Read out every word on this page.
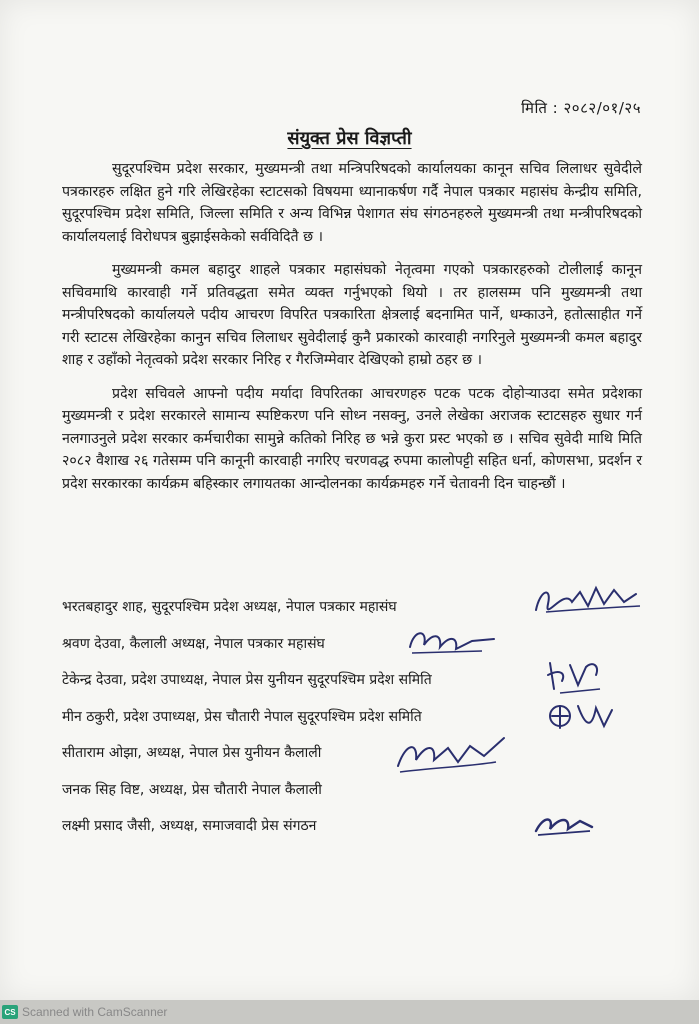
मिति : २०८२/०१/२५
संयुक्त प्रेस विज्ञप्ती

सुदूरपश्चिम प्रदेश सरकार, मुख्यमन्त्री तथा मन्त्रिपरिषदको कार्यालयका कानून सचिव लिलाधर सुवेदीले पत्रकारहरु लक्षित हुने गरि लेखिरहेका स्टाटसको विषयमा ध्यानाकर्षण गर्दै नेपाल पत्रकार महासंघ केन्द्रीय समिति, सुदूरपश्चिम प्रदेश समिति, जिल्ला समिति र अन्य विभिन्न पेशागत संघ संगठनहरुले मुख्यमन्त्री तथा मन्त्रीपरिषदको कार्यालयलाई विरोधपत्र बुझाईसकेको सर्वविदितै छ ।

मुख्यमन्त्री कमल बहादुर शाहले पत्रकार महासंघको नेतृत्वमा गएको पत्रकारहरुको टोलीलाई कानून सचिवमाथि कारवाही गर्ने प्रतिवद्धता समेत व्यक्त गर्नुभएको थियो । तर हालसम्म पनि मुख्यमन्त्री तथा मन्त्रीपरिषदको कार्यालयले पदीय आचरण विपरित पत्रकारिता क्षेत्रलाई बदनामित पार्ने, धम्काउने, हतोत्साहीत गर्ने गरी स्टाटस लेखिरहेका कानुन सचिव लिलाधर सुवेदीलाई कुनै प्रकारको कारवाही नगरिनुले मुख्यमन्त्री कमल बहादुर शाह र उहाँको नेतृत्वको प्रदेश सरकार निरिह र गैरजिम्मेवार देखिएको हाम्रो ठहर छ ।

प्रदेश सचिवले आफ्नो पदीय मर्यादा विपरितका आचरणहरु पटक पटक दोहोऱ्याउदा समेत प्रदेशका मुख्यमन्त्री र प्रदेश सरकारले सामान्य स्पष्टिकरण पनि सोध्न नसक्नु, उनले लेखेका अराजक स्टाटसहरु सुधार गर्न नलगाउनुले प्रदेश सरकार कर्मचारीका सामुन्ने कतिको निरिह छ भन्ने कुरा प्रस्ट भएको छ । सचिव सुवेदी माथि मिति २०८२ वैशाख २६ गतेसम्म पनि कानूनी कारवाही नगरिए चरणवद्ध रुपमा कालोपट्टी सहित धर्ना, कोणसभा, प्रदर्शन र प्रदेश सरकारका कार्यक्रम बहिस्कार लगायतका आन्दोलनका कार्यक्रमहरु गर्ने चेतावनी दिन चाहन्छौं ।

भरतबहादुर शाह, सुदूरपश्चिम प्रदेश अध्यक्ष, नेपाल पत्रकार महासंघ
श्रवण देउवा, कैलाली अध्यक्ष, नेपाल पत्रकार महासंघ
टेकेन्द्र देउवा, प्रदेश उपाध्यक्ष, नेपाल प्रेस युनीयन सुदूरपश्चिम प्रदेश समिति
मीन ठकुरी, प्रदेश उपाध्यक्ष, प्रेस चौतारी नेपाल सुदूरपश्चिम प्रदेश समिति
सीताराम ओझा, अध्यक्ष, नेपाल प्रेस युनीयन कैलाली
जनक सिह विष्ट, अध्यक्ष, प्रेस चौतारी नेपाल कैलाली
लक्ष्मी प्रसाद जैसी, अध्यक्ष, समाजवादी प्रेस संगठन
CS Scanned with CamScanner
